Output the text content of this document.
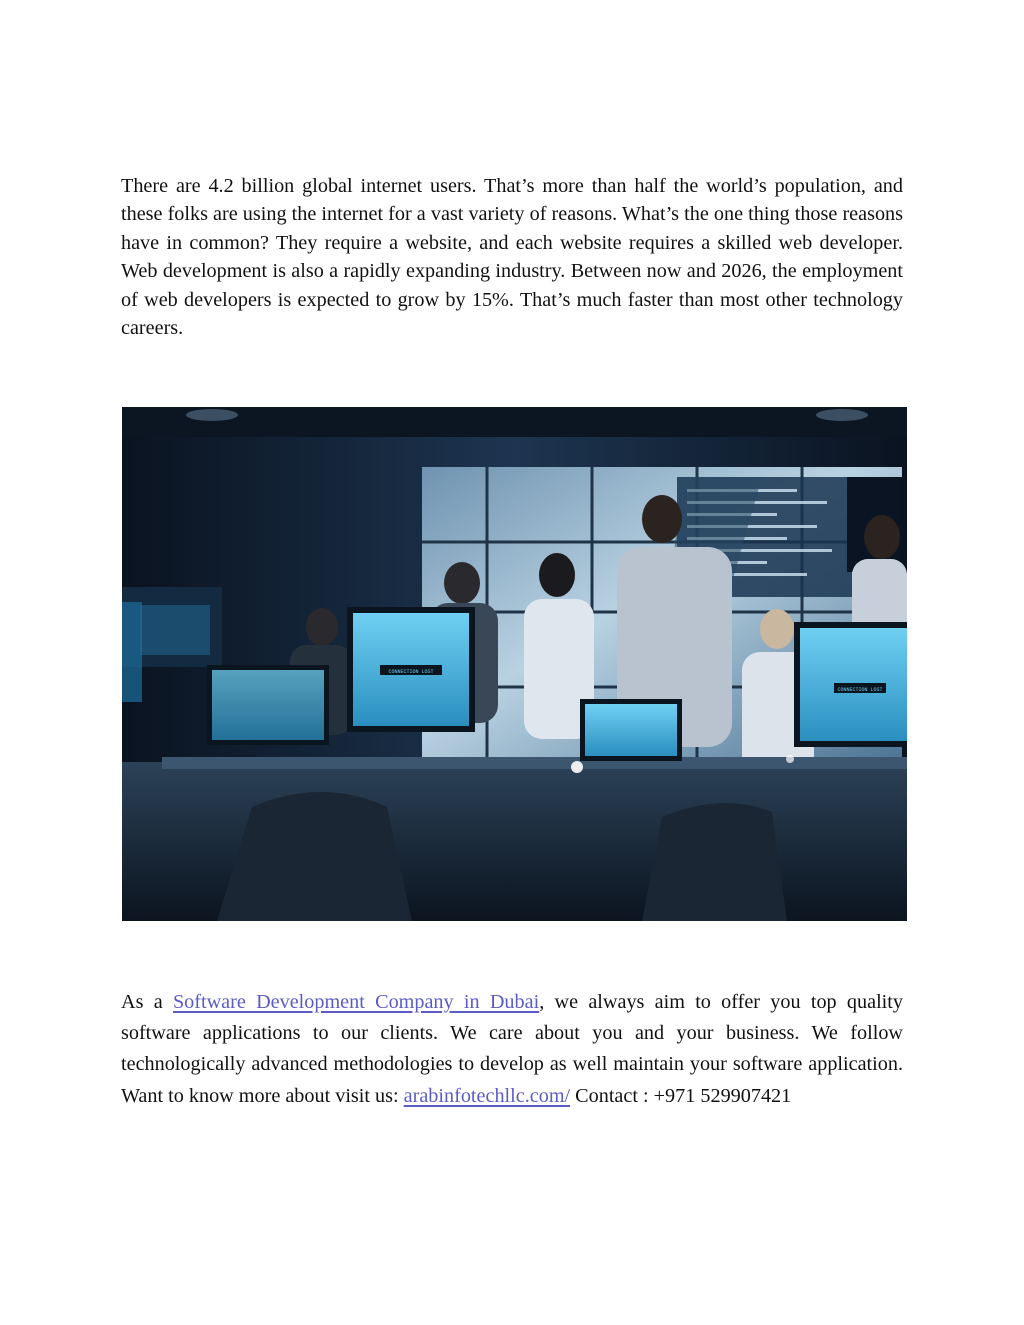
There are 4.2 billion global internet users. That’s more than half the world’s population, and these folks are using the internet for a vast variety of reasons. What’s the one thing those reasons have in common? They require a website, and each website requires a skilled web developer. Web development is also a rapidly expanding industry. Between now and 2026, the employment of web developers is expected to grow by 15%. That’s much faster than most other technology careers.

CONNECTION LOST
CONNECTION LOST

As a Software Development Company in Dubai, we always aim to offer you top quality software applications to our clients. We care about you and your business. We follow technologically advanced methodologies to develop as well maintain your software application. Want to know more about visit us: arabinfotechllc.com/ Contact : +971 529907421
